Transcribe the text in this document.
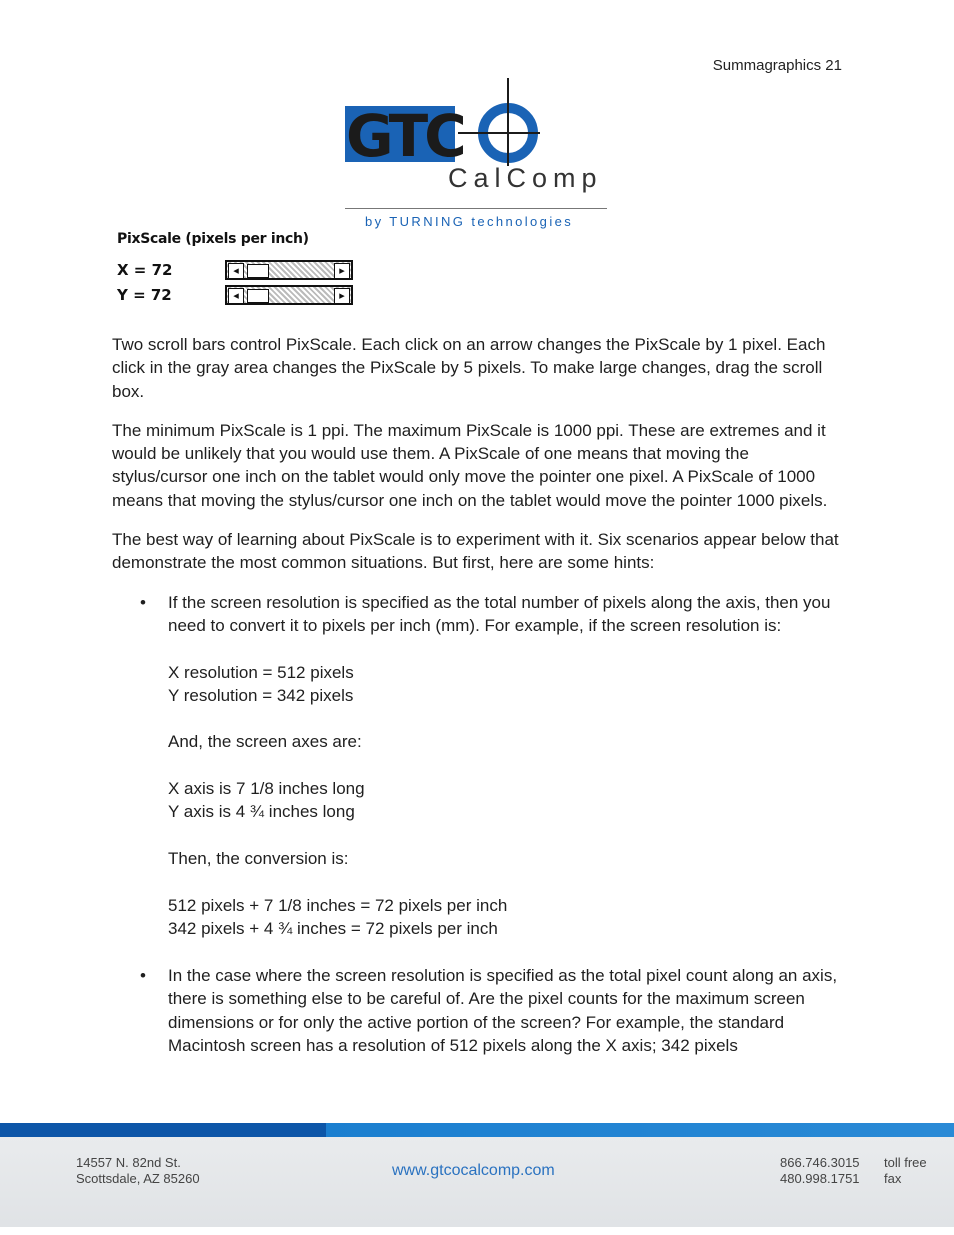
Summagraphics 21
GTC
CalComp
by TURNING technologies
PixScale (pixels per inch)
X = 72	◂	▸
Y = 72	◂	▸

Two scroll bars control PixScale. Each click on an arrow changes the PixScale by 1 pixel. Each click in the gray area changes the PixScale by 5 pixels. To make large changes, drag the scroll box.

The minimum PixScale is 1 ppi. The maximum PixScale is 1000 ppi. These are extremes and it would be unlikely that you would use them. A PixScale of one means that moving the stylus/cursor one inch on the tablet would only move the pointer one pixel. A PixScale of 1000 means that moving the stylus/cursor one inch on the tablet would move the pointer 1000 pixels.

The best way of learning about PixScale is to experiment with it. Six scenarios appear below that demonstrate the most common situations. But first, here are some hints:

• If the screen resolution is specified as the total number of pixels along the axis, then you need to convert it to pixels per inch (mm). For example, if the screen resolution is:
X resolution = 512 pixels
Y resolution = 342 pixels
And, the screen axes are:
X axis is 7 1/8 inches long
Y axis is 4 ¾ inches long
Then, the conversion is:
512 pixels + 7 1/8 inches = 72 pixels per inch
342 pixels + 4 ¾ inches = 72 pixels per inch
• In the case where the screen resolution is specified as the total pixel count along an axis, there is something else to be careful of. Are the pixel counts for the maximum screen dimensions or for only the active portion of the screen? For example, the standard Macintosh screen has a resolution of 512 pixels along the X axis; 342 pixels
14557 N. 82nd St.
Scottsdale, AZ 85260	www.gtcocalcomp.com	866.746.3015
480.998.1751
toll free
fax
